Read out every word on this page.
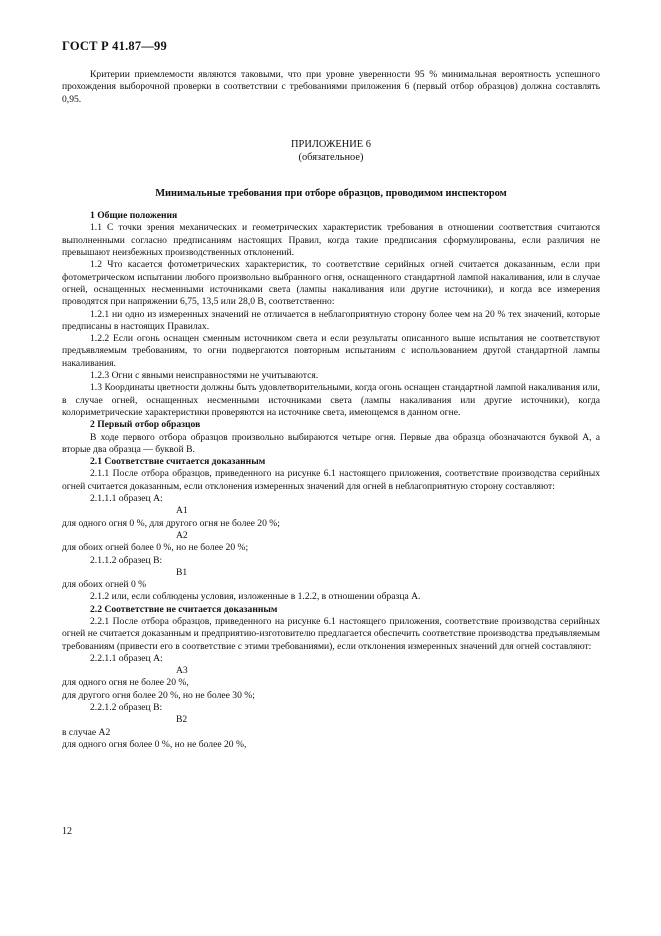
ГОСТ Р 41.87—99

Критерии приемлемости являются таковыми, что при уровне уверенности 95 % минимальная вероятность успешного прохождения выборочной проверки в соответствии с требованиями приложения 6 (первый отбор образцов) должна составлять 0,95.

ПРИЛОЖЕНИЕ 6
(обязательное)
Минимальные требования при отборе образцов, проводимом инспектором

1 Общие положения

1.1 С точки зрения механических и геометрических характеристик требования в отношении соответствия считаются выполненными согласно предписаниям настоящих Правил, когда такие предписания сформулированы, если различия не превышают неизбежных производственных отклонений.

1.2 Что касается фотометрических характеристик, то соответствие серийных огней считается доказанным, если при фотометрическом испытании любого произвольно выбранного огня, оснащенного стандартной лампой накаливания, или в случае огней, оснащенных несменными источниками света (лампы накаливания или другие источники), и когда все измерения проводятся при напряжении 6,75, 13,5 или 28,0 В, соответственно:

1.2.1 ни одно из измеренных значений не отличается в неблагоприятную сторону более чем на 20 % тех значений, которые предписаны в настоящих Правилах.

1.2.2 Если огонь оснащен сменным источником света и если результаты описанного выше испытания не соответствуют предъявляемым требованиям, то огни подвергаются повторным испытаниям с использованием другой стандартной лампы накаливания.

1.2.3 Огни с явными неисправностями не учитываются.

1.3 Координаты цветности должны быть удовлетворительными, когда огонь оснащен стандартной лампой накаливания или, в случае огней, оснащенных несменными источниками света (лампы накаливания или другие источники), когда колориметрические характеристики проверяются на источнике света, имеющемся в данном огне.

2 Первый отбор образцов

В ходе первого отбора образцов произвольно выбираются четыре огня. Первые два образца обозначаются буквой А, а вторые два образца — буквой В.

2.1 Соответствие считается доказанным

2.1.1 После отбора образцов, приведенного на рисунке 6.1 настоящего приложения, соответствие производства серийных огней считается доказанным, если отклонения измеренных значений для огней в неблагоприятную сторону составляют:

2.1.1.1 образец А:

А1

для одного огня 0 %, для другого огня не более 20 %;

А2

для обоих огней более 0 %, но не более 20 %;

2.1.1.2 образец В:

В1

для обоих огней 0 %

2.1.2 или, если соблюдены условия, изложенные в 1.2.2, в отношении образца А.

2.2 Соответствие не считается доказанным

2.2.1 После отбора образцов, приведенного на рисунке 6.1 настоящего приложения, соответствие производства серийных огней не считается доказанным и предприятию-изготовителю предлагается обеспечить соответствие производства предъявляемым требованиям (привести его в соответствие с этими требованиями), если отклонения измеренных значений для огней составляют:

2.2.1.1 образец А:

А3

для одного огня не более 20 %,

для другого огня более 20 %, но не более 30 %;

2.2.1.2 образец В:

В2

в случае А2

для одного огня более 0 %, но не более 20 %,

12
